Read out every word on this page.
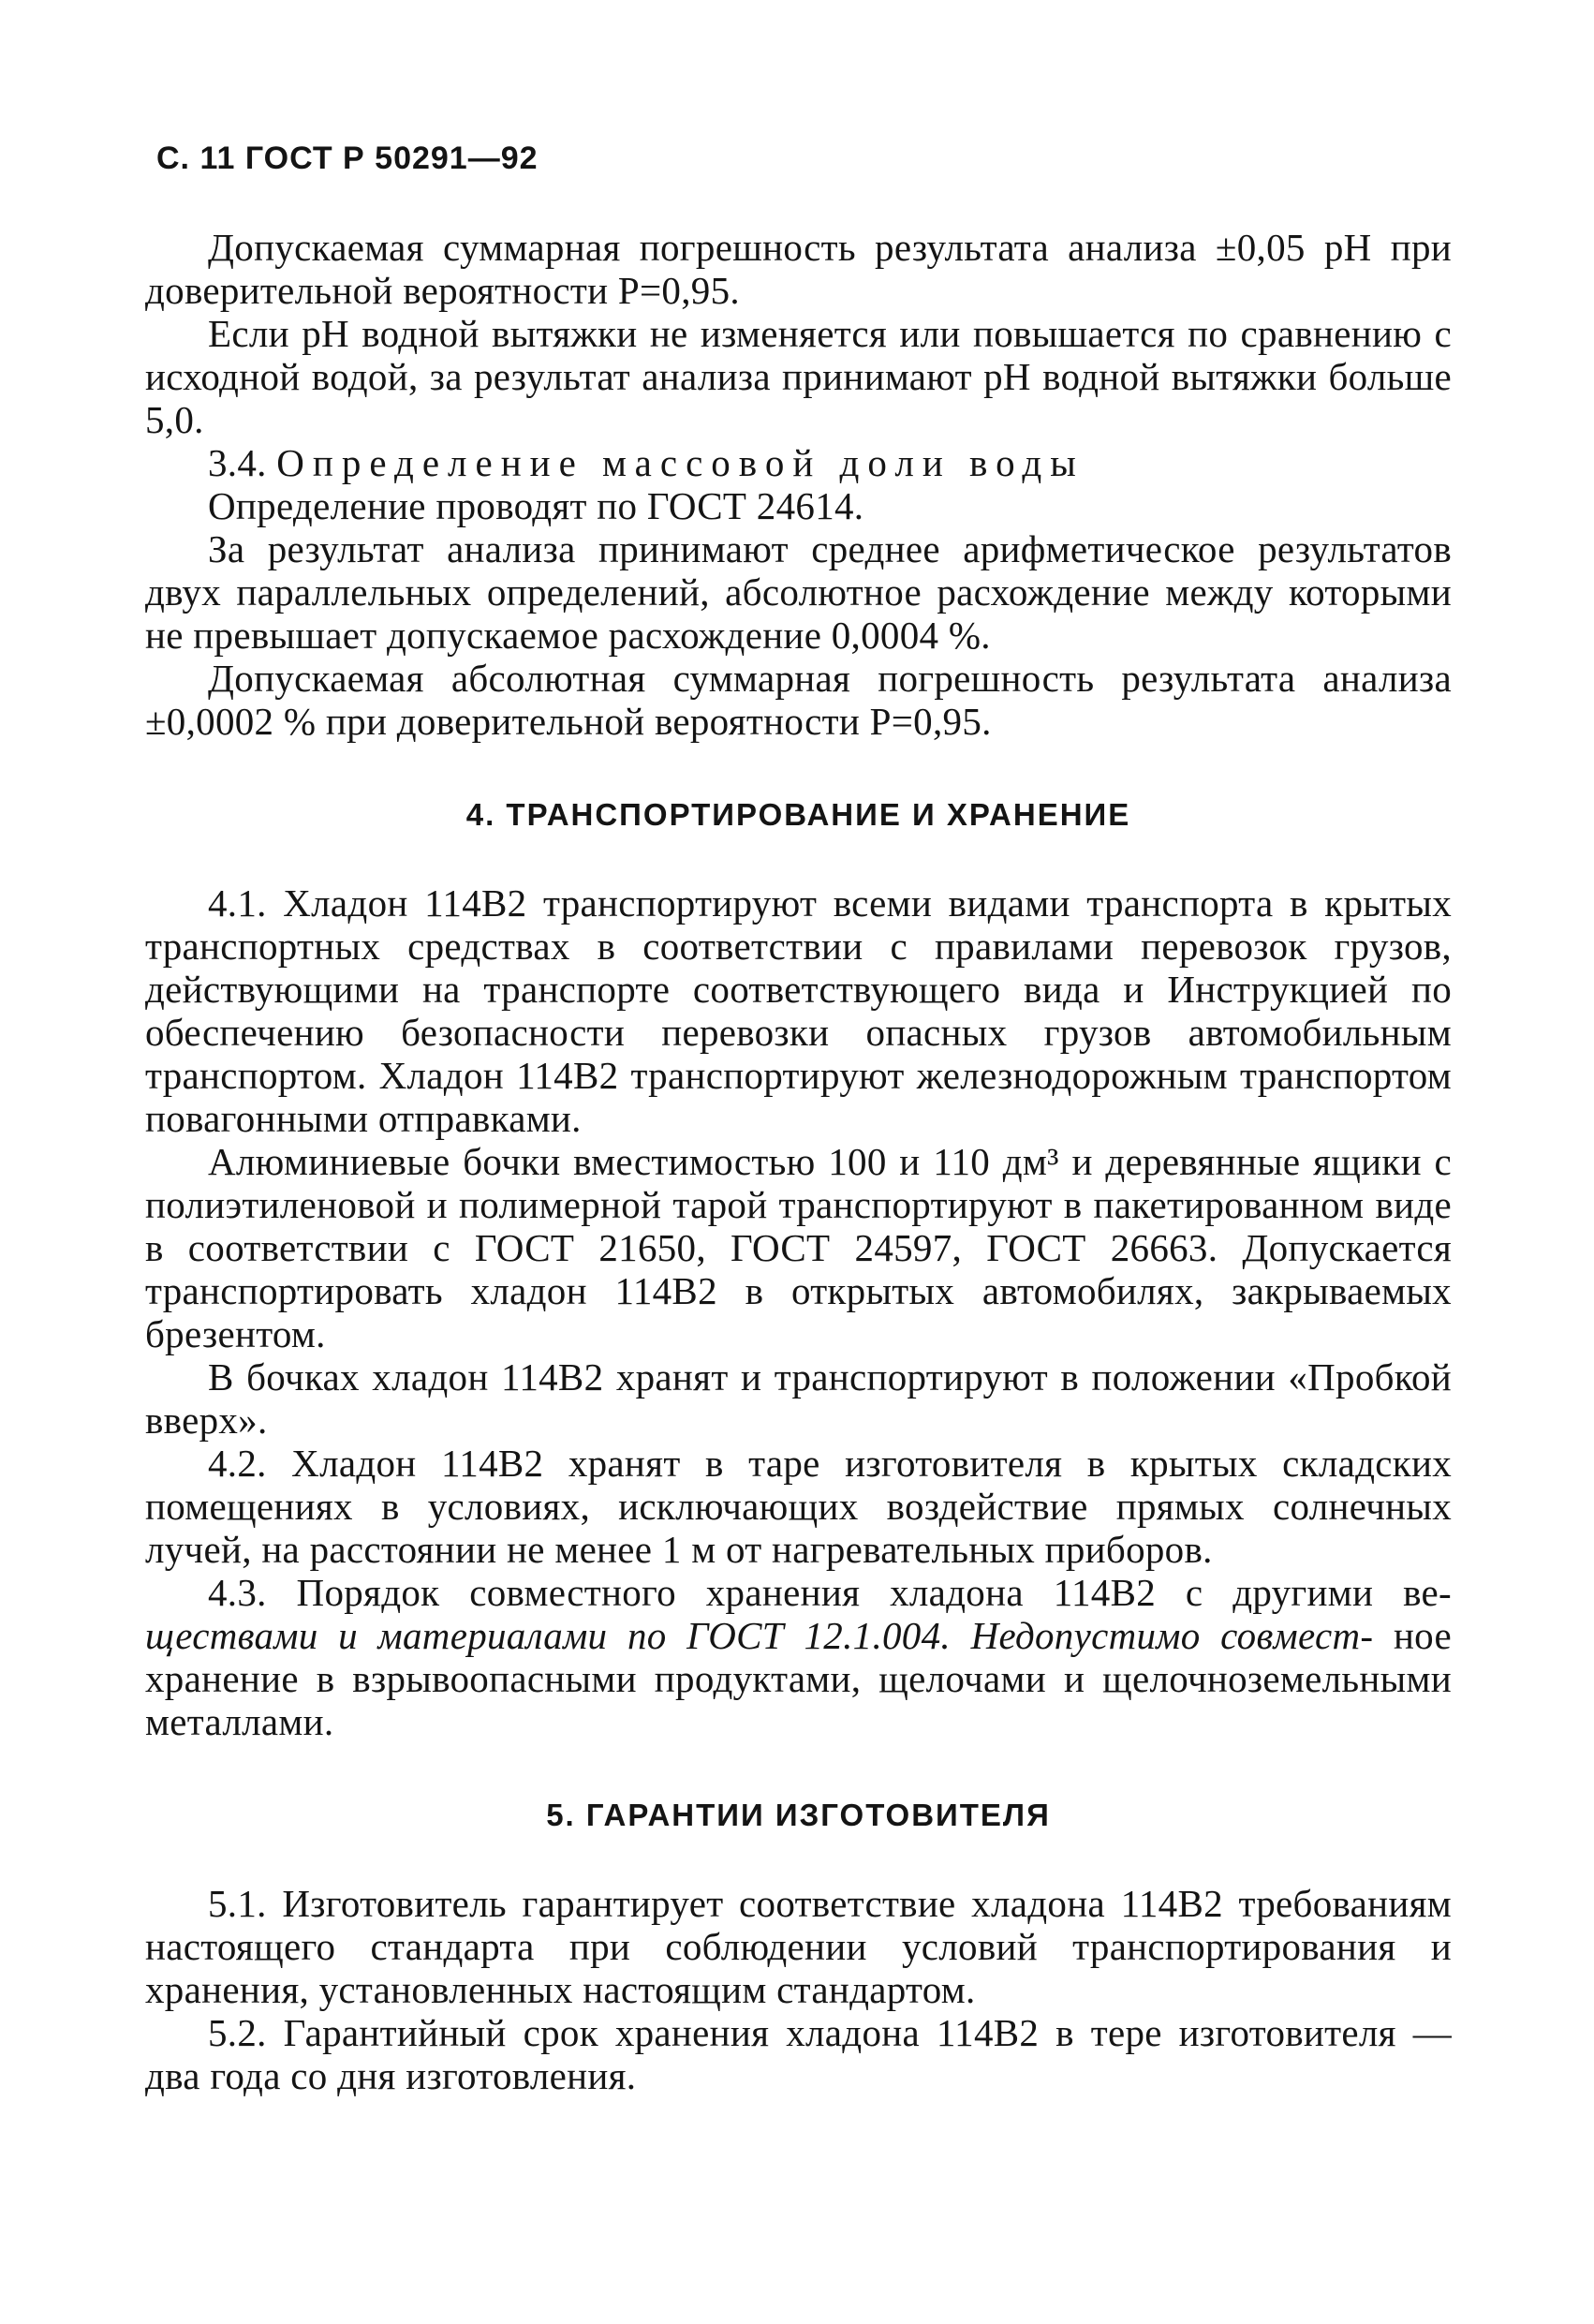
С. 11 ГОСТ Р 50291—92

Допускаемая суммарная погрешность результата анализа ±0,05 pH при доверительной вероятности P=0,95.

Если pH водной вытяжки не изменяется или повышается по сравнению с исходной водой, за результат анализа принимают pH водной вытяжки больше 5,0.

3.4. Определение массовой доли воды

Определение проводят по ГОСТ 24614.

За результат анализа принимают среднее арифметическое результатов двух параллельных определений, абсолютное расхождение между которыми не превышает допускаемое расхождение 0,0004 %.

Допускаемая абсолютная суммарная погрешность результата анализа ±0,0002 % при доверительной вероятности P=0,95.

4. ТРАНСПОРТИРОВАНИЕ И ХРАНЕНИЕ

4.1. Хладон 114В2 транспортируют всеми видами транспорта в крытых транспортных средствах в соответствии с правилами перевозок грузов, действующими на транспорте соответствующего вида и Инструкцией по обеспечению безопасности перевозки опасных грузов автомобильным транспортом. Хладон 114В2 транспортируют железнодорожным транспортом повагонными отправками.

Алюминиевые бочки вместимостью 100 и 110 дм³ и деревянные ящики с полиэтиленовой и полимерной тарой транспортируют в пакетированном виде в соответствии с ГОСТ 21650, ГОСТ 24597, ГОСТ 26663. Допускается транспортировать хладон 114В2 в открытых автомобилях, закрываемых брезентом.

В бочках хладон 114В2 хранят и транспортируют в положении «Пробкой вверх».

4.2. Хладон 114В2 хранят в таре изготовителя в крытых складских помещениях в условиях, исключающих воздействие прямых солнечных лучей, на расстоянии не менее 1 м от нагревательных приборов.

4.3. Порядок совместного хранения хладона 114В2 с другими ве- ществами и материалами по ГОСТ 12.1.004. Недопустимо совмест- ное хранение в взрывоопасными продуктами, щелочами и щелочноземельными металлами.

5. ГАРАНТИИ ИЗГОТОВИТЕЛЯ

5.1. Изготовитель гарантирует соответствие хладона 114В2 требованиям настоящего стандарта при соблюдении условий транспортирования и хранения, установленных настоящим стандартом.

5.2. Гарантийный срок хранения хладона 114В2 в тере изготовителя — два года со дня изготовления.
